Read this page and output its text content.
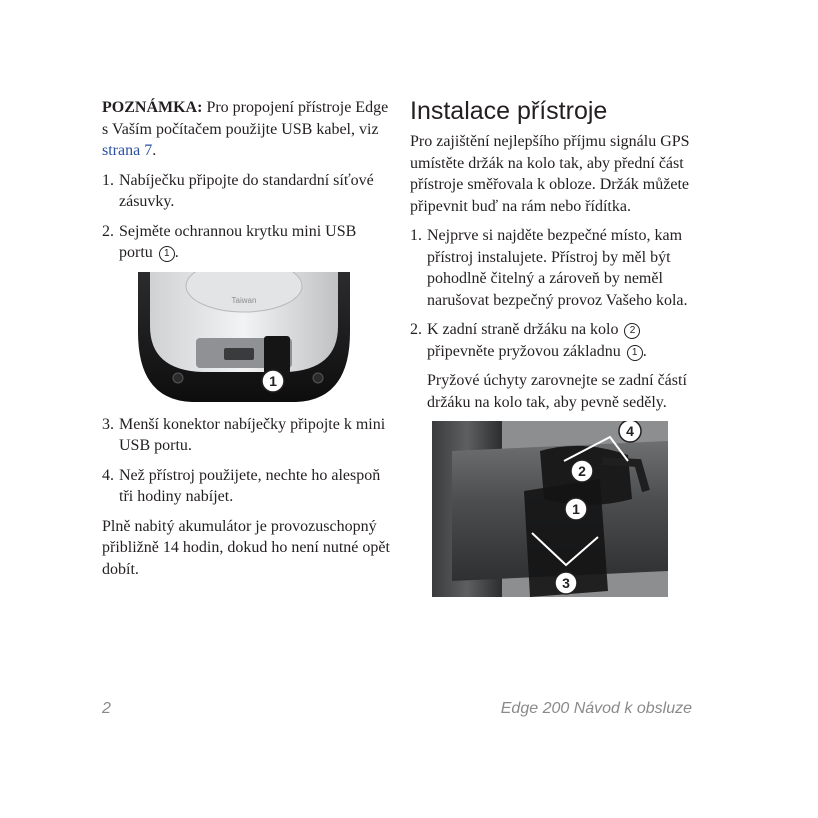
POZNÁMKA: Pro propojení přístroje Edge s Vaším počítačem použijte USB kabel, viz strana 7.

1. Nabíječku připojte do standardní síťové zásuvky.
2. Sejměte ochrannou krytku mini USB portu 1 .
Taiwan
1
3. Menší konektor nabíječky připojte k mini USB portu.
4. Než přístroj použijete, nechte ho alespoň tři hodiny nabíjet.

Plně nabitý akumulátor je provozuschopný přibližně 14 hodin, dokud ho není nutné opět dobít.

Instalace přístroje

Pro zajištění nejlepšího příjmu signálu GPS umístěte držák na kolo tak, aby přední část přístroje směřovala k obloze. Držák můžete připevnit buď na rám nebo řídítka.

1. Nejprve si najděte bezpečné místo, kam přístroj instalujete. Přístroj by měl být pohodlně čitelný a zároveň by neměl narušovat bezpečný provoz Vašeho kola.
2. K zadní straně držáku na kolo 2 připevněte pryžovou základnu 1 .

Pryžové úchyty zarovnejte se zadní částí držáku na kolo tak, aby pevně seděly.

4
2
1
3
2	Edge 200 Návod k obsluze
